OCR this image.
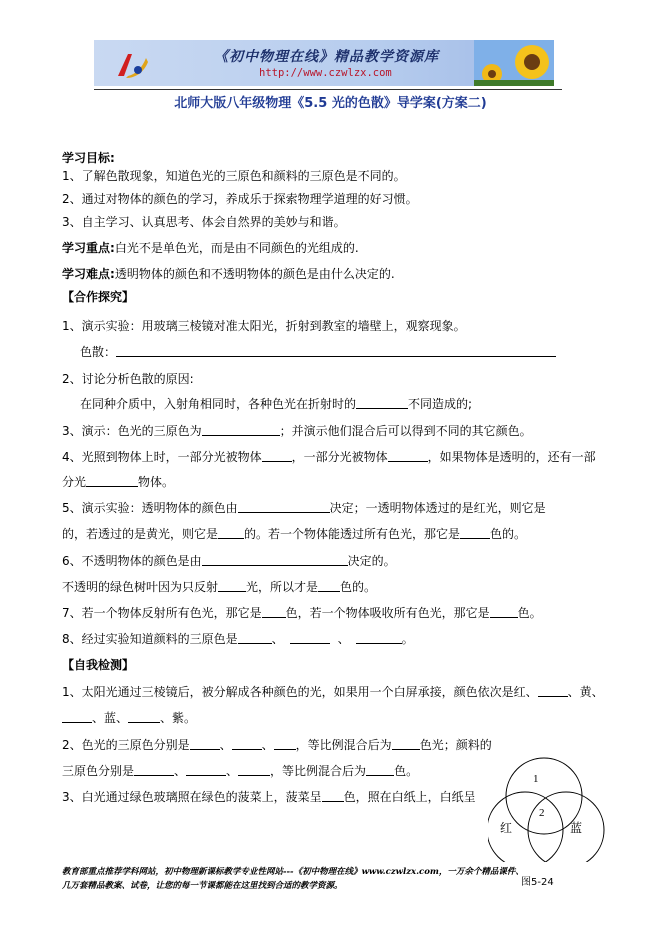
《初中物理在线》精品教学资源库
http://www.czwlzx.com
北师大版八年级物理《5.5 光的色散》导学案(方案二)
学习目标:
1、了解色散现象，知道色光的三原色和颜料的三原色是不同的。
2、通过对物体的颜色的学习，养成乐于探索物理学道理的好习惯。
3、自主学习、认真思考、体会自然界的美妙与和谐。
学习重点:白光不是单色光，而是由不同颜色的光组成的.
学习难点:透明物体的颜色和不透明物体的颜色是由什么决定的.
【合作探究】
1、演示实验：用玻璃三棱镜对准太阳光，折射到教室的墙壁上，观察现象。
色散：
2、讨论分析色散的原因:
在同种介质中，入射角相同时，各种色光在折射时的	不同造成的;
3、演示：色光的三原色为	；并演示他们混合后可以得到不同的其它颜色。
4、光照到物体上时，一部分光被物体	，一部分光被物体	，如果物体是透明的，还有一部
分光	物体。
5、演示实验：透明物体的颜色由	决定；一透明物体透过的是红光，则它是
的，若透过的是黄光，则它是 的。若一个物体能透过所有色光，那它是	色的。
6、不透明物体的颜色是由	决定的。
不透明的绿色树叶因为只反射 光，所以才是 色的。
7、若一个物体反射所有色光，那它是 色，若一个物体吸收所有色光，那它是 色。
8、经过实验知道颜料的三原色是	、	、	。
【自我检测】
1、太阳光通过三棱镜后，被分解成各种颜色的光，如果用一个白屏承接，颜色依次是红、	、黄、
、蓝、	、紫。
2、色光的三原色分别是	、	、 ，等比例混合后为 色光；颜料的
三原色分别是	、	、	，等比例混合后为 色。
3、白光通过绿色玻璃照在绿色的菠菜上，菠菜呈 色，照在白纸上，白纸呈
1
2
红	蓝
教育部重点推荐学科网站，初中物理新课标教学专业性网站---《初中物理在线》www.czwlzx.com，一万余个精品课件、
几万套精品教案、试卷，让您的每一节课都能在这里找到合适的教学资源。	图5-24
